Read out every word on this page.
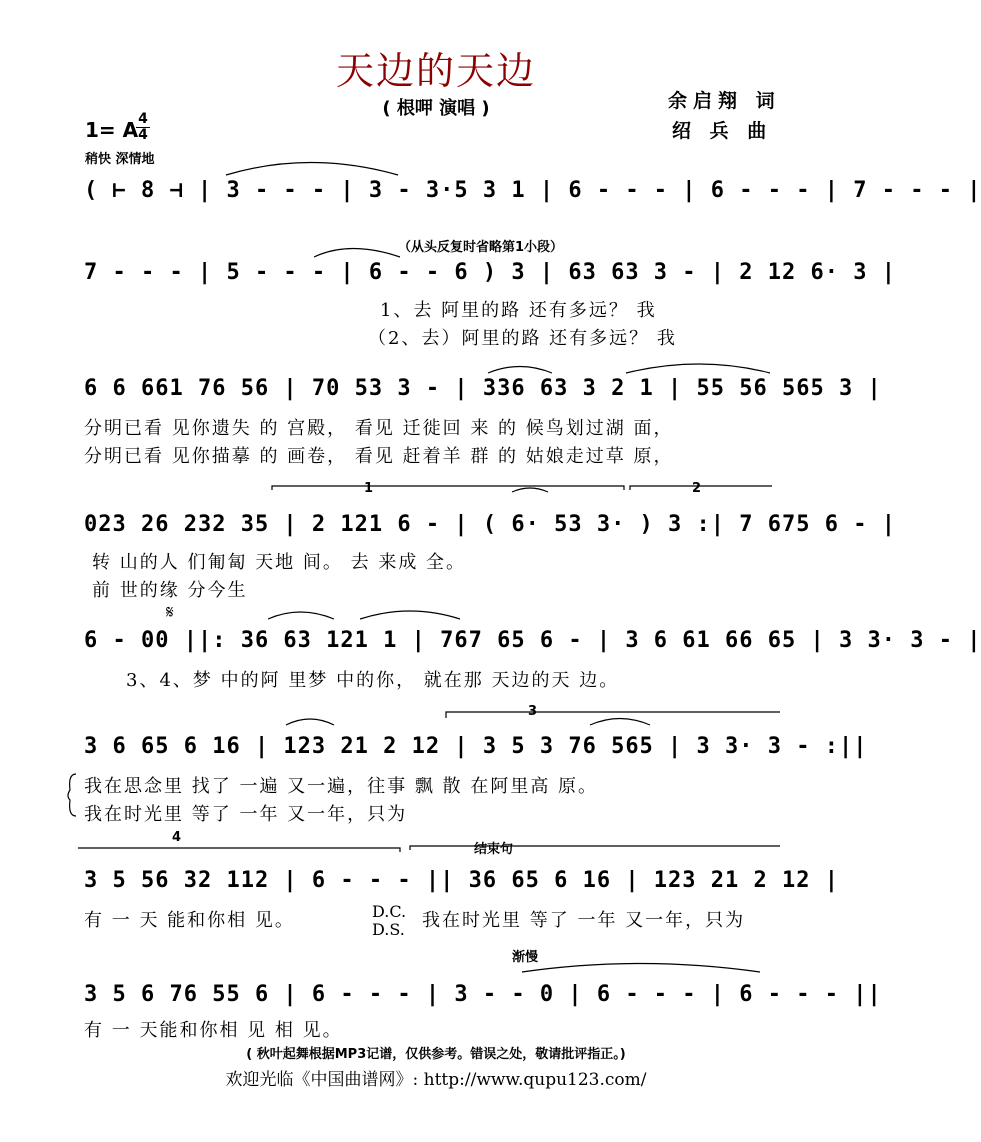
天边的天边
( 根呷 演唱 )	余启翔 词
绍 兵 曲
1= A 4
4
稍快 深情地
( ⊢ 8 ⊣ | 3 - - - | 3 - 3·5 3 1 | 6 - - - | 6 - - - | 7 - - - |
（从头反复时省略第1小段）
7 - - - | 5 - - - | 6 - - 6 ) 3 | 63 63 3 - | 2 12 6· 3 |
1、去 阿里的路 还有多远？ 我
（2、去）阿里的路 还有多远？ 我
6 6 661 76 56 | 70 53 3 - | 336 63 3 2 1 | 55 56 565 3 |
分明已看 见你遗失 的 宫殿， 看见 迁徙回 来 的 候鸟划过湖 面，
分明已看 见你描摹 的 画卷， 看见 赶着羊 群 的 姑娘走过草 原，
1	2
023 26 232 35 | 2 121 6 - | ( 6· 53 3· ) 3 :| 7 675 6 - |
转 山的人 们匍匐 天地 间。 去 来成 全。
前 世的缘 分今生
𝄋
6 - 00 ||: 36 63 121 1 | 767 65 6 - | 3 6 61 66 65 | 3 3· 3 - |
3、4、梦 中的阿 里梦 中的你， 就在那 天边的天 边。
3
3 6 65 6 16 | 123 21 2 12 | 3 5 3 76 565 | 3 3· 3 - :||
我在思念里 找了 一遍 又一遍，往事 飘 散 在阿里高 原。
我在时光里 等了 一年 又一年，只为
4
结束句
3 5 56 32 112 | 6 - - - || 36 65 6 16 | 123 21 2 12 |
D.C.
D.S.
有 一 天 能和你相 见。	我在时光里 等了 一年 又一年，只为
渐慢
3 5 6 76 55 6 | 6 - - - | 3 - - 0 | 6 - - - | 6 - - - ||
有 一 天能和你相 见 相 见。
( 秋叶起舞根据MP3记谱，仅供参考。错误之处，敬请批评指正。)
欢迎光临《中国曲谱网》: http://www.qupu123.com/
